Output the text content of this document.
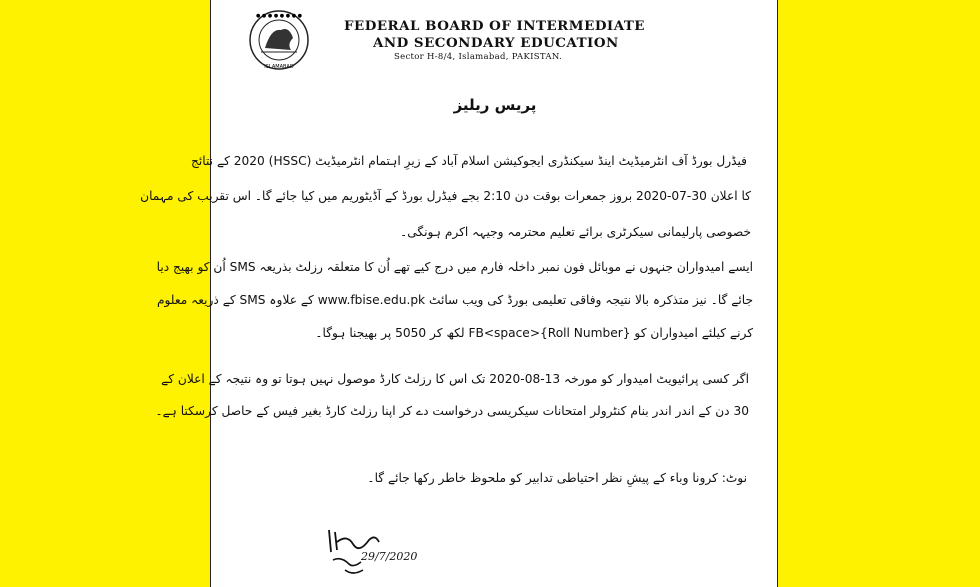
● ● ● ● ● ● ● ●
ISLAMABAD
FEDERAL BOARD OF INTERMEDIATE
AND SECONDARY EDUCATION
Sector H-8/4, Islamabad, PAKISTAN.
پریس ریلیز
فیڈرل بورڈ آف انٹرمیڈیٹ اینڈ سیکنڈری ایجوکیشن اسلام آباد کے زیرِ اہتمام انٹرمیڈیٹ (HSSC) 2020 کے نتائج
کا اعلان 30-07-2020 بروز جمعرات بوقت دن 2:10 بجے فیڈرل بورڈ کے آڈیٹوریم میں کیا جائے گا۔ اس تقریب کی مہمان
خصوصی پارلیمانی سیکرٹری برائے تعلیم محترمہ وجیہہ اکرم ہونگی۔
ایسے امیدواران جنہوں نے موبائل فون نمبر داخلہ فارم میں درج کیے تھے اُن کا متعلقہ رزلٹ بذریعہ SMS اُن کو بھیج دیا
جائے گا۔ نیز متذکرہ بالا نتیجہ وفاقی تعلیمی بورڈ کی ویب سائٹ www.fbise.edu.pk کے علاوہ SMS کے ذریعہ معلوم
کرنے کیلئے امیدواران کو {Roll Number}<FB<space لکھ کر 5050 پر بھیجنا ہوگا۔
اگر کسی پرائیویٹ امیدوار کو مورخہ 13-08-2020 تک اس کا رزلٹ کارڈ موصول نہیں ہوتا تو وہ نتیجہ کے اعلان کے
30 دن کے اندر اندر بنام کنٹرولر امتحانات سیکریسی درخواست دے کر اپنا رزلٹ کارڈ بغیر فیس کے حاصل کرسکتا ہے۔
نوٹ: کرونا وباء کے پیشِ نظر احتیاطی تدابیر کو ملحوظ خاطر رکھا جائے گا۔
29/7/2020
